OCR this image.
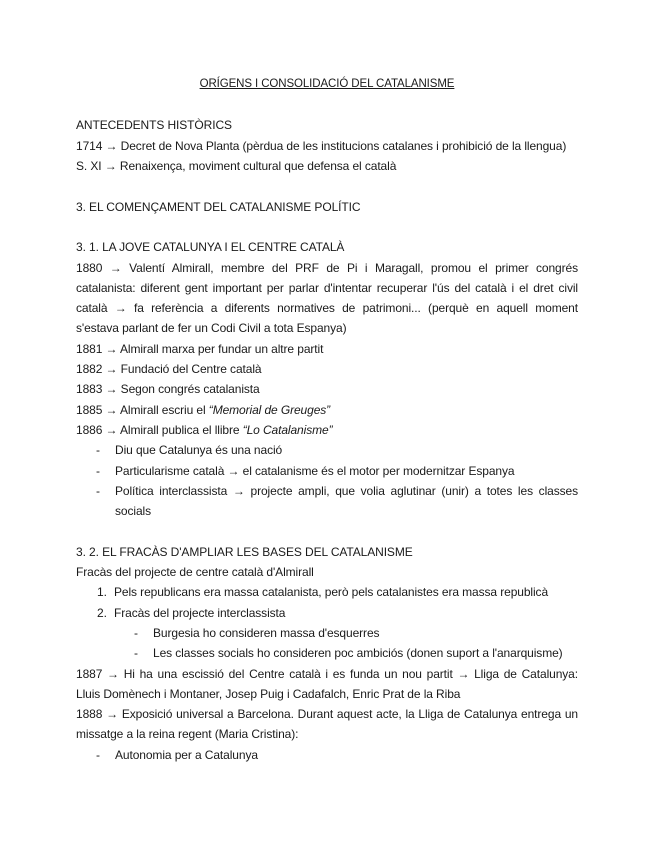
ORÍGENS I CONSOLIDACIÓ DEL CATALANISME
ANTECEDENTS HISTÒRICS
1714 → Decret de Nova Planta (pèrdua de les institucions catalanes i prohibició de la llengua)
S. XI → Renaixença, moviment cultural que defensa el català
3. EL COMENÇAMENT DEL CATALANISME POLÍTIC
3. 1. LA JOVE CATALUNYA I EL CENTRE CATALÀ
1880 → Valentí Almirall, membre del PRF de Pi i Maragall, promou el primer congrés
catalanista: diferent gent important per parlar d'intentar recuperar l'ús del català i el dret civil
català → fa referència a diferents normatives de patrimoni... (perquè en aquell moment
s'estava parlant de fer un Codi Civil a tota Espanya)
1881 → Almirall marxa per fundar un altre partit
1882 → Fundació del Centre català
1883 → Segon congrés catalanista
1885 → Almirall escriu el “Memorial de Greuges”
1886 → Almirall publica el llibre “Lo Catalanisme”
-	Diu que Catalunya és una nació
-	Particularisme català → el catalanisme és el motor per modernitzar Espanya
-	Política interclassista → projecte ampli, que volia aglutinar (unir) a totes les classes
socials
3. 2. EL FRACÀS D'AMPLIAR LES BASES DEL CATALANISME
Fracàs del projecte de centre català d'Almirall
1. Pels republicans era massa catalanista, però pels catalanistes era massa republicà
2. Fracàs del projecte interclassista
-	Burgesia ho consideren massa d'esquerres
-	Les classes socials ho consideren poc ambiciós (donen suport a l'anarquisme)
1887 → Hi ha una escissió del Centre català i es funda un nou partit → Lliga de Catalunya:
Lluis Domènech i Montaner, Josep Puig i Cadafalch, Enric Prat de la Riba
1888 → Exposició universal a Barcelona. Durant aquest acte, la Lliga de Catalunya entrega un
missatge a la reina regent (Maria Cristina):
-	Autonomia per a Catalunya
